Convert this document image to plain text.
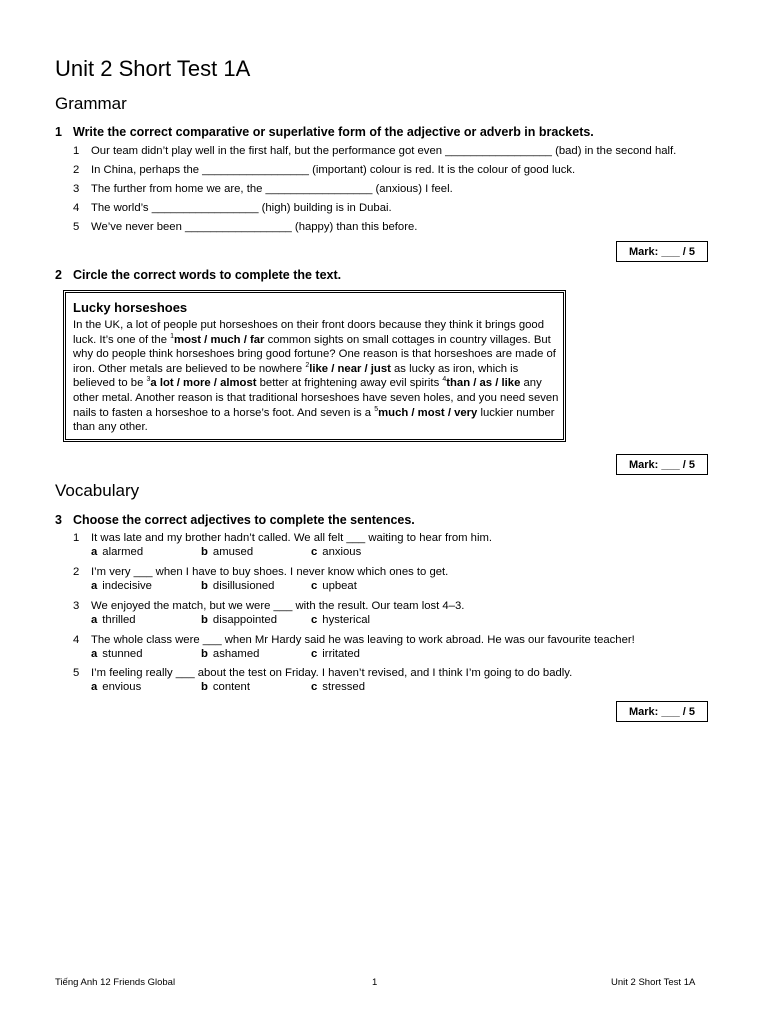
Unit 2 Short Test 1A
Grammar
1 Write the correct comparative or superlative form of the adjective or adverb in brackets.
1 Our team didn’t play well in the first half, but the performance got even _________________ (bad) in the second half.
2 In China, perhaps the _________________ (important) colour is red. It is the colour of good luck.
3 The further from home we are, the _________________ (anxious) I feel.
4 The world’s _________________ (high) building is in Dubai.
5 We’ve never been _________________ (happy) than this before.
Mark: ___ / 5
2 Circle the correct words to complete the text.
Lucky horseshoes
In the UK, a lot of people put horseshoes on their front doors because they think it brings good luck. It’s one of the $^1$most / much / far common sights on small cottages in country villages. But why do people think horseshoes bring good fortune? One reason is that horseshoes are made of iron. Other metals are believed to be nowhere $^2$like / near / just as lucky as iron, which is believed to be $^3$a lot / more / almost better at frightening away evil spirits $^4$than / as / like any other metal. Another reason is that traditional horseshoes have seven holes, and you need seven nails to fasten a horseshoe to a horse’s foot. And seven is a $^5$much / most / very luckier number than any other.
Mark: ___ / 5
Vocabulary
3 Choose the correct adjectives to complete the sentences.
1 It was late and my brother hadn’t called. We all felt ___ waiting to hear from him.
a alarmed	b amused	c anxious
2 I’m very ___ when I have to buy shoes. I never know which ones to get.
a indecisive	b disillusioned	c upbeat
3 We enjoyed the match, but we were ___ with the result. Our team lost 4–3.
a thrilled	b disappointed	c hysterical
4 The whole class were ___ when Mr Hardy said he was leaving to work abroad. He was our favourite teacher!
a stunned	b ashamed	c irritated
5 I’m feeling really ___ about the test on Friday. I haven’t revised, and I think I’m going to do badly.
a envious	b content	c stressed
Mark: ___ / 5
Tiếng Anh 12 Friends Global	1	Unit 2 Short Test 1A
